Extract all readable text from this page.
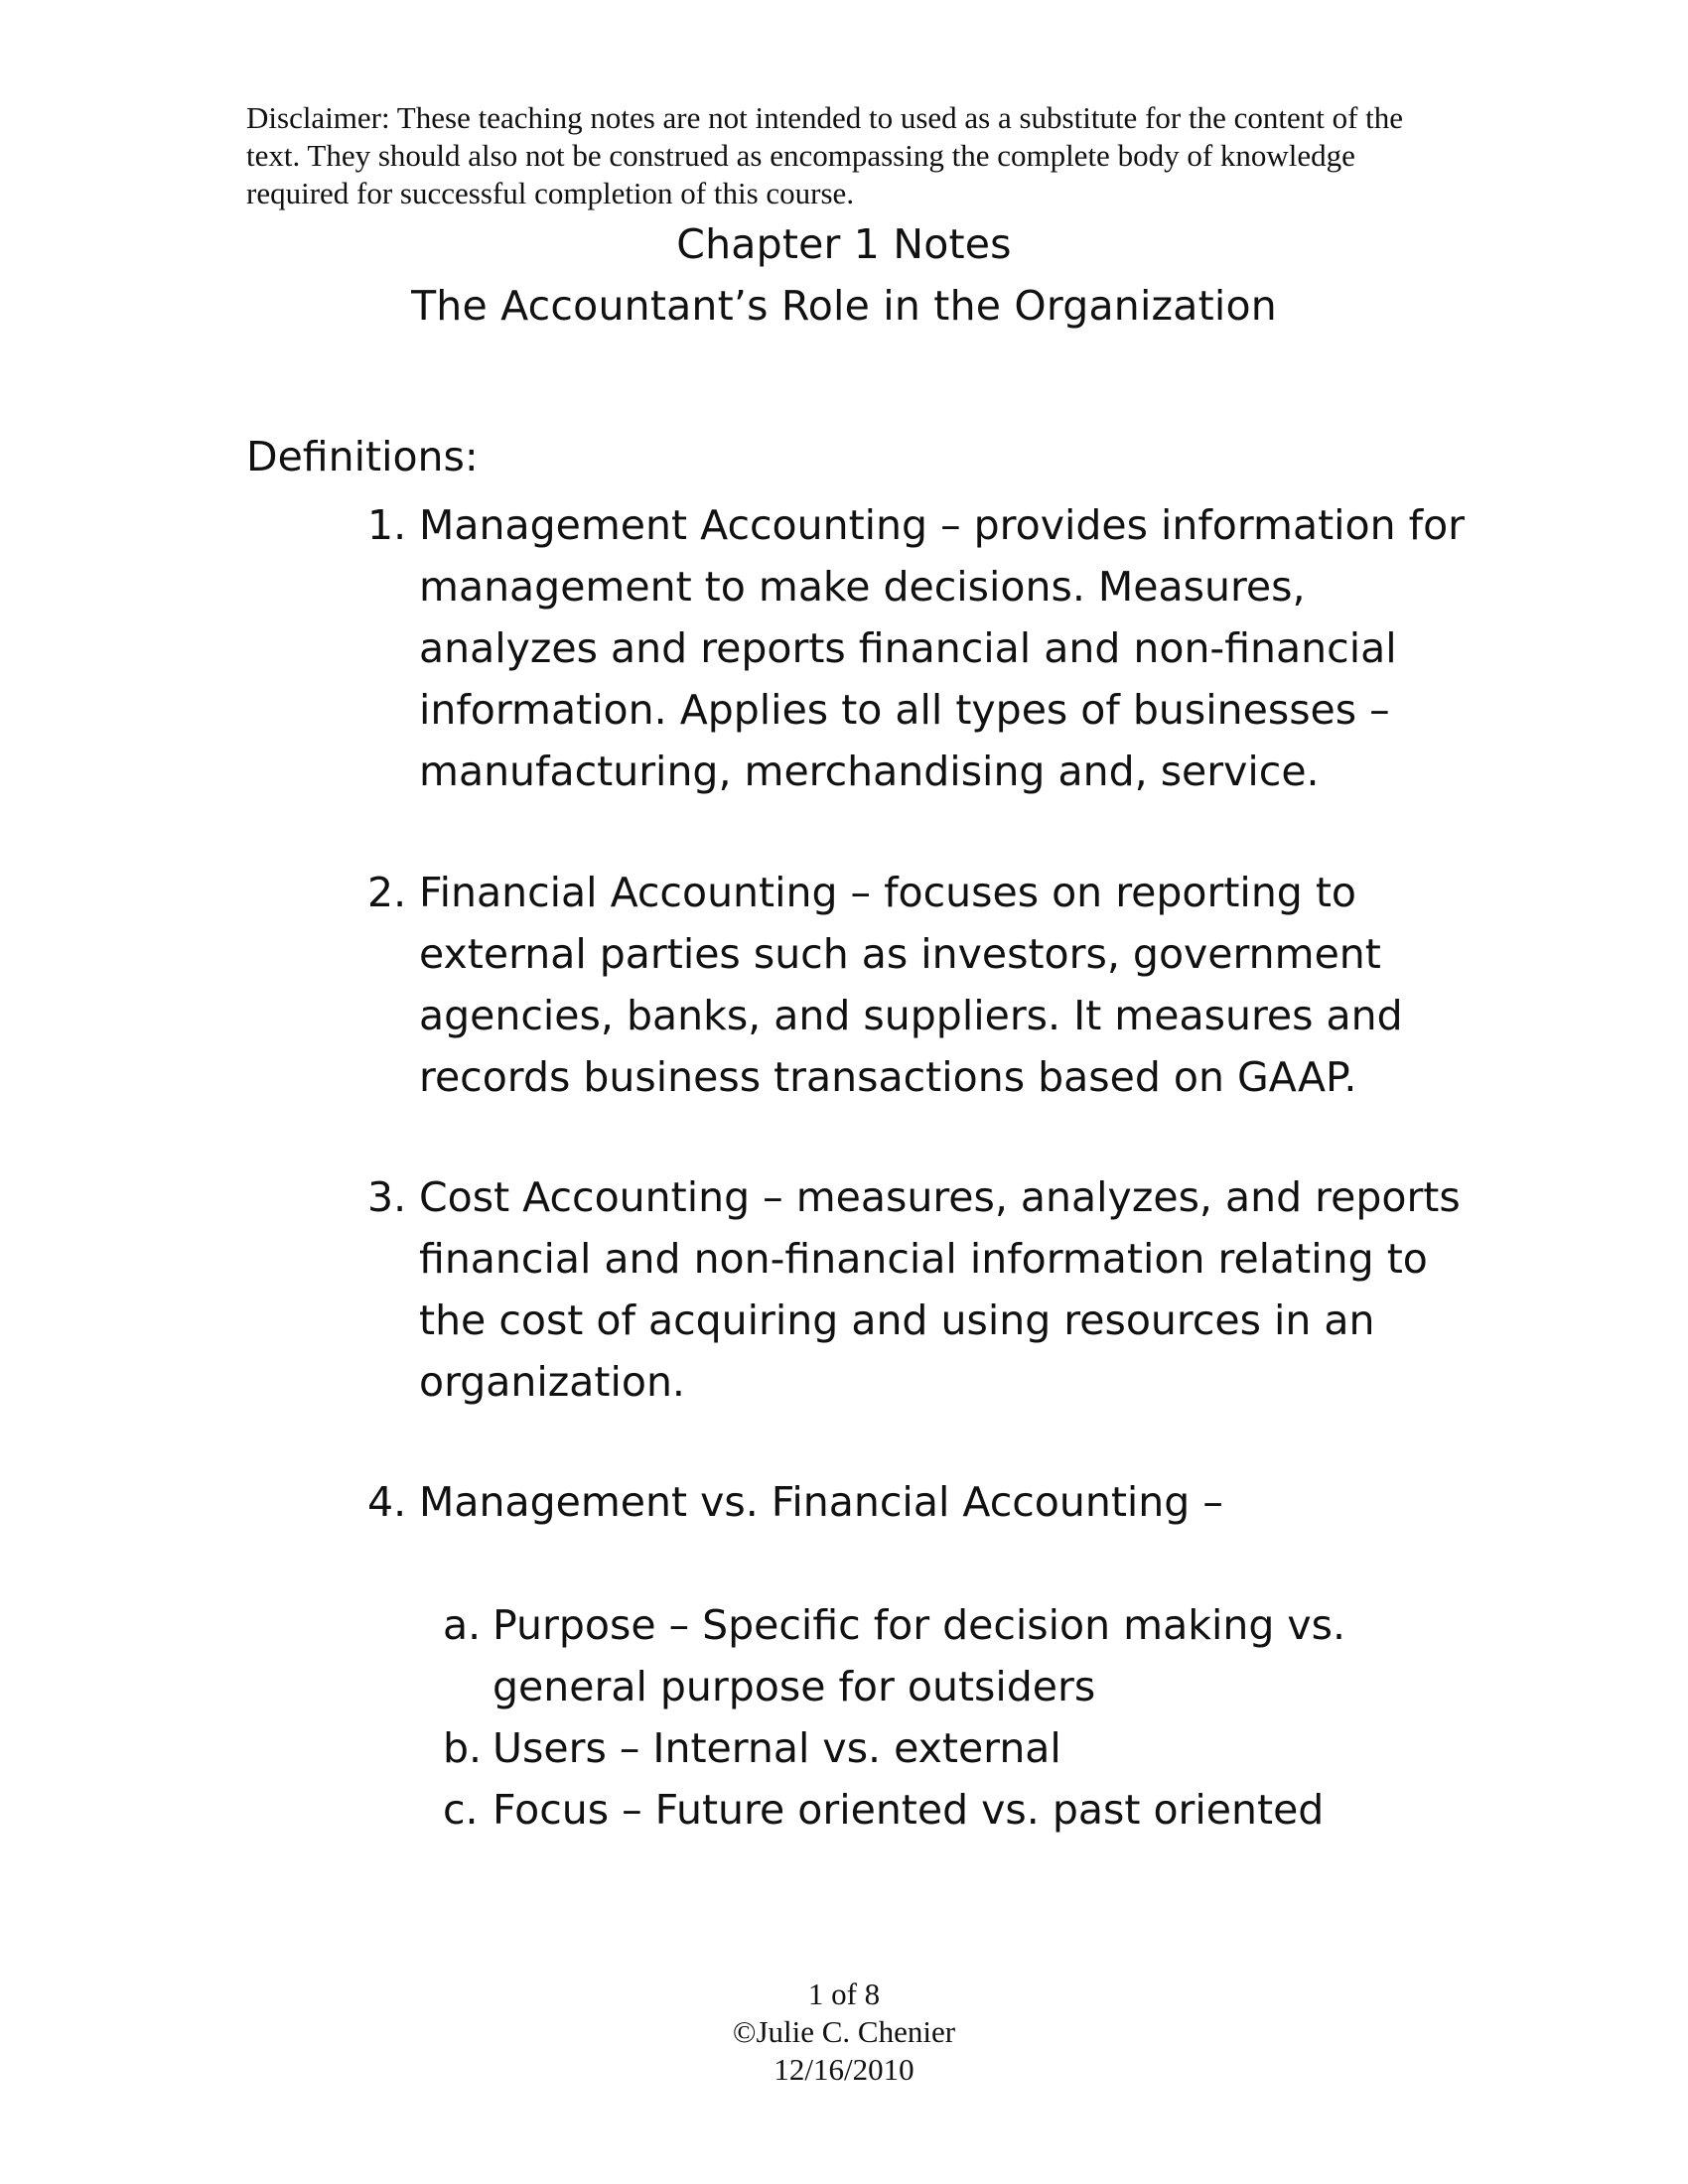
Disclaimer: These teaching notes are not intended to used as a substitute for the content of the text. They should also not be construed as encompassing the complete body of knowledge required for successful completion of this course.
Chapter 1 Notes
The Accountant’s Role in the Organization
Definitions:
1. Management Accounting – provides information for management to make decisions. Measures, analyzes and reports financial and non-financial information. Applies to all types of businesses – manufacturing, merchandising and, service.
2. Financial Accounting – focuses on reporting to external parties such as investors, government agencies, banks, and suppliers. It measures and records business transactions based on GAAP.
3. Cost Accounting – measures, analyzes, and reports financial and non-financial information relating to the cost of acquiring and using resources in an organization.
4. Management vs. Financial Accounting –
a. Purpose – Specific for decision making vs. general purpose for outsiders
b. Users – Internal vs. external
c. Focus – Future oriented vs. past oriented
1 of 8
©Julie C. Chenier
12/16/2010
